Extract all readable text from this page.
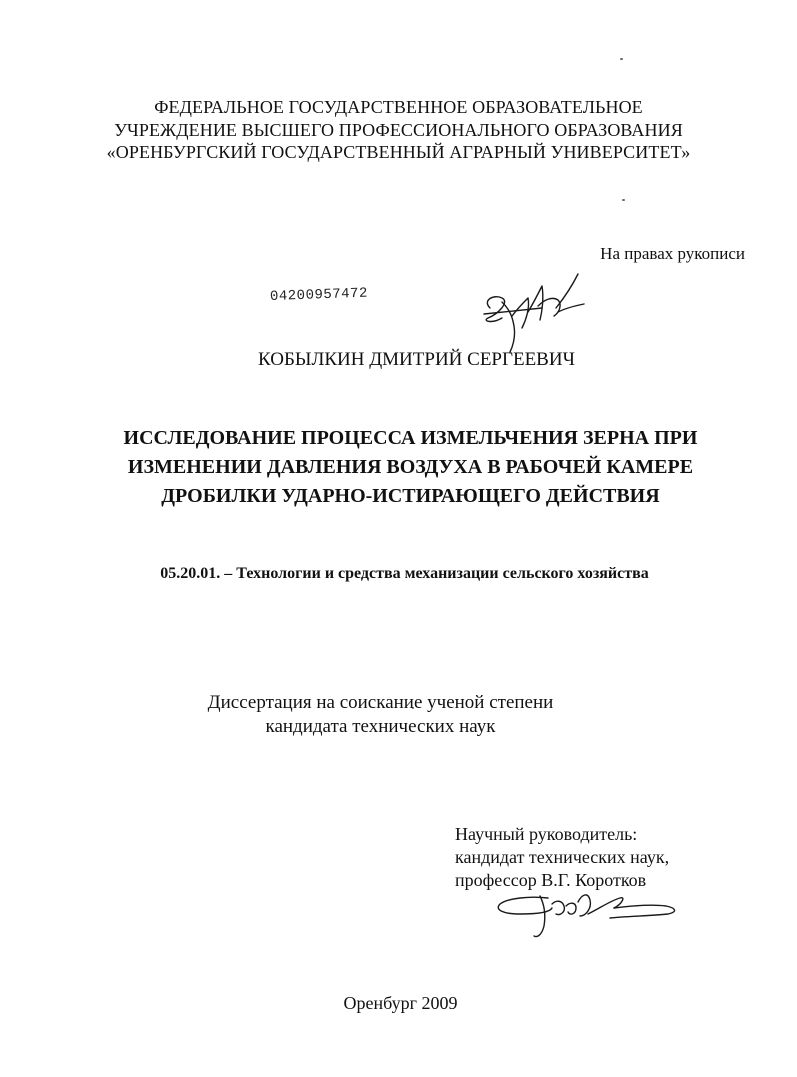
ФЕДЕРАЛЬНОЕ ГОСУДАРСТВЕННОЕ ОБРАЗОВАТЕЛЬНОЕ
УЧРЕЖДЕНИЕ ВЫСШЕГО ПРОФЕССИОНАЛЬНОГО ОБРАЗОВАНИЯ
«ОРЕНБУРГСКИЙ ГОСУДАРСТВЕННЫЙ АГРАРНЫЙ УНИВЕРСИТЕТ»
На правах рукописи
04200957472
КОБЫЛКИН ДМИТРИЙ СЕРГЕЕВИЧ
ИССЛЕДОВАНИЕ ПРОЦЕССА ИЗМЕЛЬЧЕНИЯ ЗЕРНА ПРИ
ИЗМЕНЕНИИ ДАВЛЕНИЯ ВОЗДУХА В РАБОЧЕЙ КАМЕРЕ
ДРОБИЛКИ УДАРНО-ИСТИРАЮЩЕГО ДЕЙСТВИЯ
05.20.01. – Технологии и средства механизации сельского хозяйства
Диссертация на соискание ученой степени
кандидата технических наук
Научный руководитель:
кандидат технических наук,
профессор В.Г. Коротков
Оренбург 2009
